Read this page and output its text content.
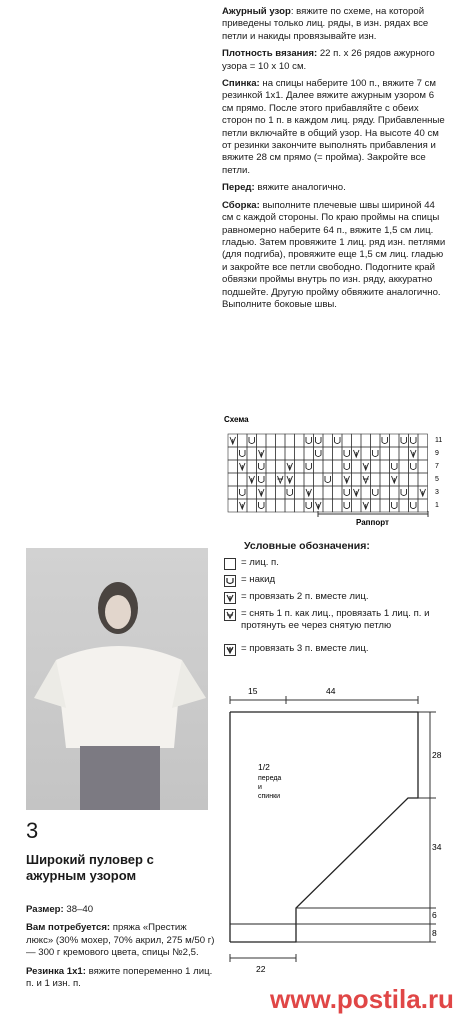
Ажурный узор: вяжите по схеме, на которой приведены только лиц. ряды, в изн. рядах все петли и накиды провязывайте изн.

Плотность вязания: 22 п. x 26 рядов ажурного узора = 10 x 10 см.

Спинка: на спицы наберите 100 п., вяжите 7 см резинкой 1x1. Далее вяжите ажурным узором 6 см прямо. После этого прибавляйте с обеих сторон по 1 п. в каждом лиц. ряду. Прибавленные петли включайте в общий узор. На высоте 40 см от резинки закончите выполнять прибавления и вяжите 28 см прямо (= пройма). Закройте все петли.

Перед: вяжите аналогично.

Сборка: выполните плечевые швы шириной 44 см с каждой стороны. По краю проймы на спицы равномерно наберите 64 п., вяжите 1,5 см лиц. гладью. Затем провяжите 1 лиц. ряд изн. петлями (для подгиба), провяжите еще 1,5 см лиц. гладью и закройте все петли свободно. Подогните край обвязки проймы внутрь по изн. ряду, аккуратно подшейте. Другую пройму обвяжите аналогично. Выполните боковые швы.

Схема
11
9
7
5
3
1
Раппорт
Условные обозначения:
= лиц. п.
= накид
= провязать 2 п. вместе лиц.
= снять 1 п. как лиц., провязать 1 лиц. п. и протянуть ее через снятую петлю
= провязать 3 п. вместе лиц.
15	44
28
34
6
8
22
1/2
переда
и
спинки
3
Широкий пуловер с ажурным узором

Размер: 38–40

Вам потребуется: пряжа «Престиж люкс» (30% мохер, 70% акрил, 275 м/50 г) — 300 г кремового цвета, спицы №2,5.

Резинка 1x1: вяжите попеременно 1 лиц. п. и 1 изн. п.

www.postila.ru
